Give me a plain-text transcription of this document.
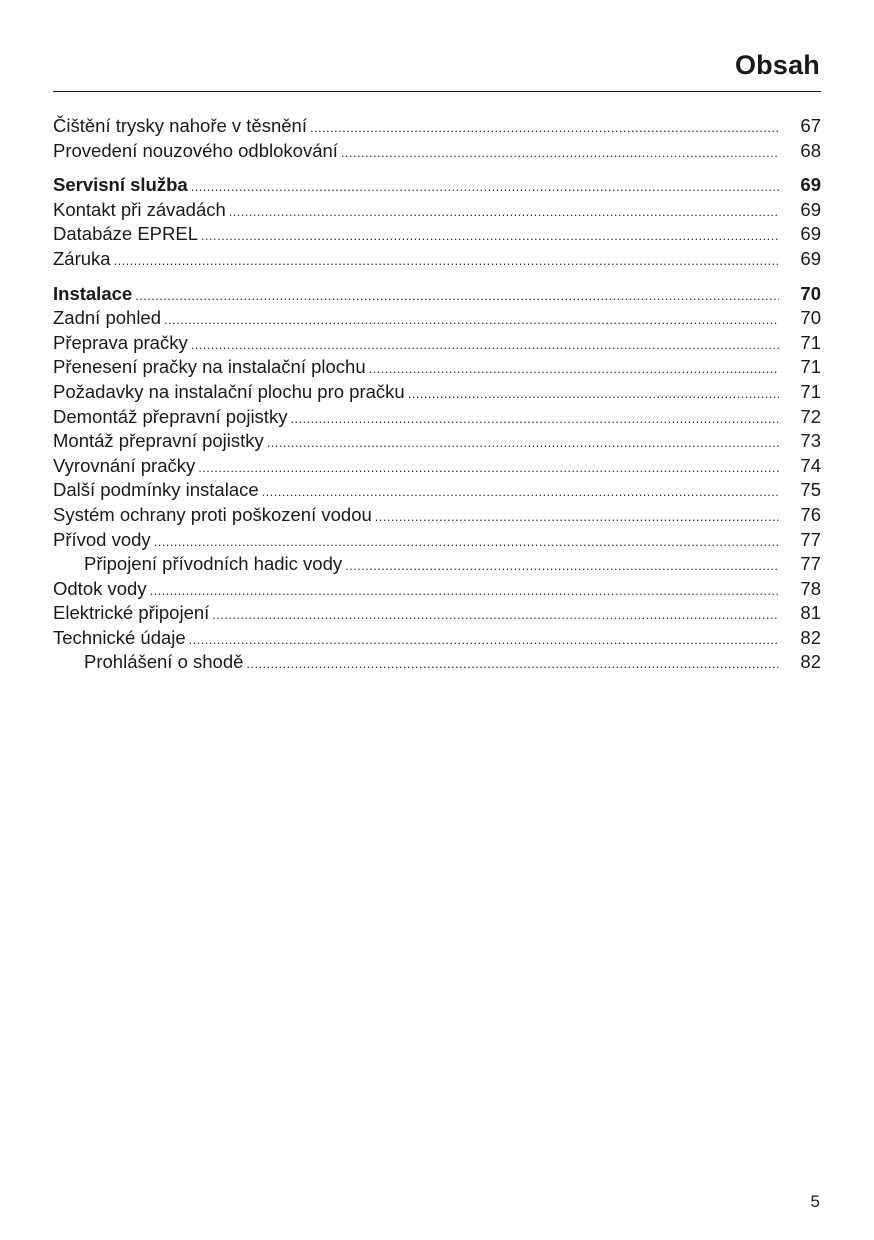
Obsah
Čištění trysky nahoře v těsnění .....	67
Provedení nouzového odblokování .....	68
Servisní služba .....	69
Kontakt při závadách .....	69
Databáze EPREL .....	69
Záruka .....	69
Instalace .....	70
Zadní pohled .....	70
Přeprava pračky .....	71
Přenesení pračky na instalační plochu .....	71
Požadavky na instalační plochu pro pračku .....	71
Demontáž přepravní pojistky .....	72
Montáž přepravní pojistky .....	73
Vyrovnání pračky .....	74
Další podmínky instalace .....	75
Systém ochrany proti poškození vodou .....	76
Přívod vody .....	77
Připojení přívodních hadic vody .....	77
Odtok vody .....	78
Elektrické připojení .....	81
Technické údaje .....	82
Prohlášení o shodě .....	82
5
